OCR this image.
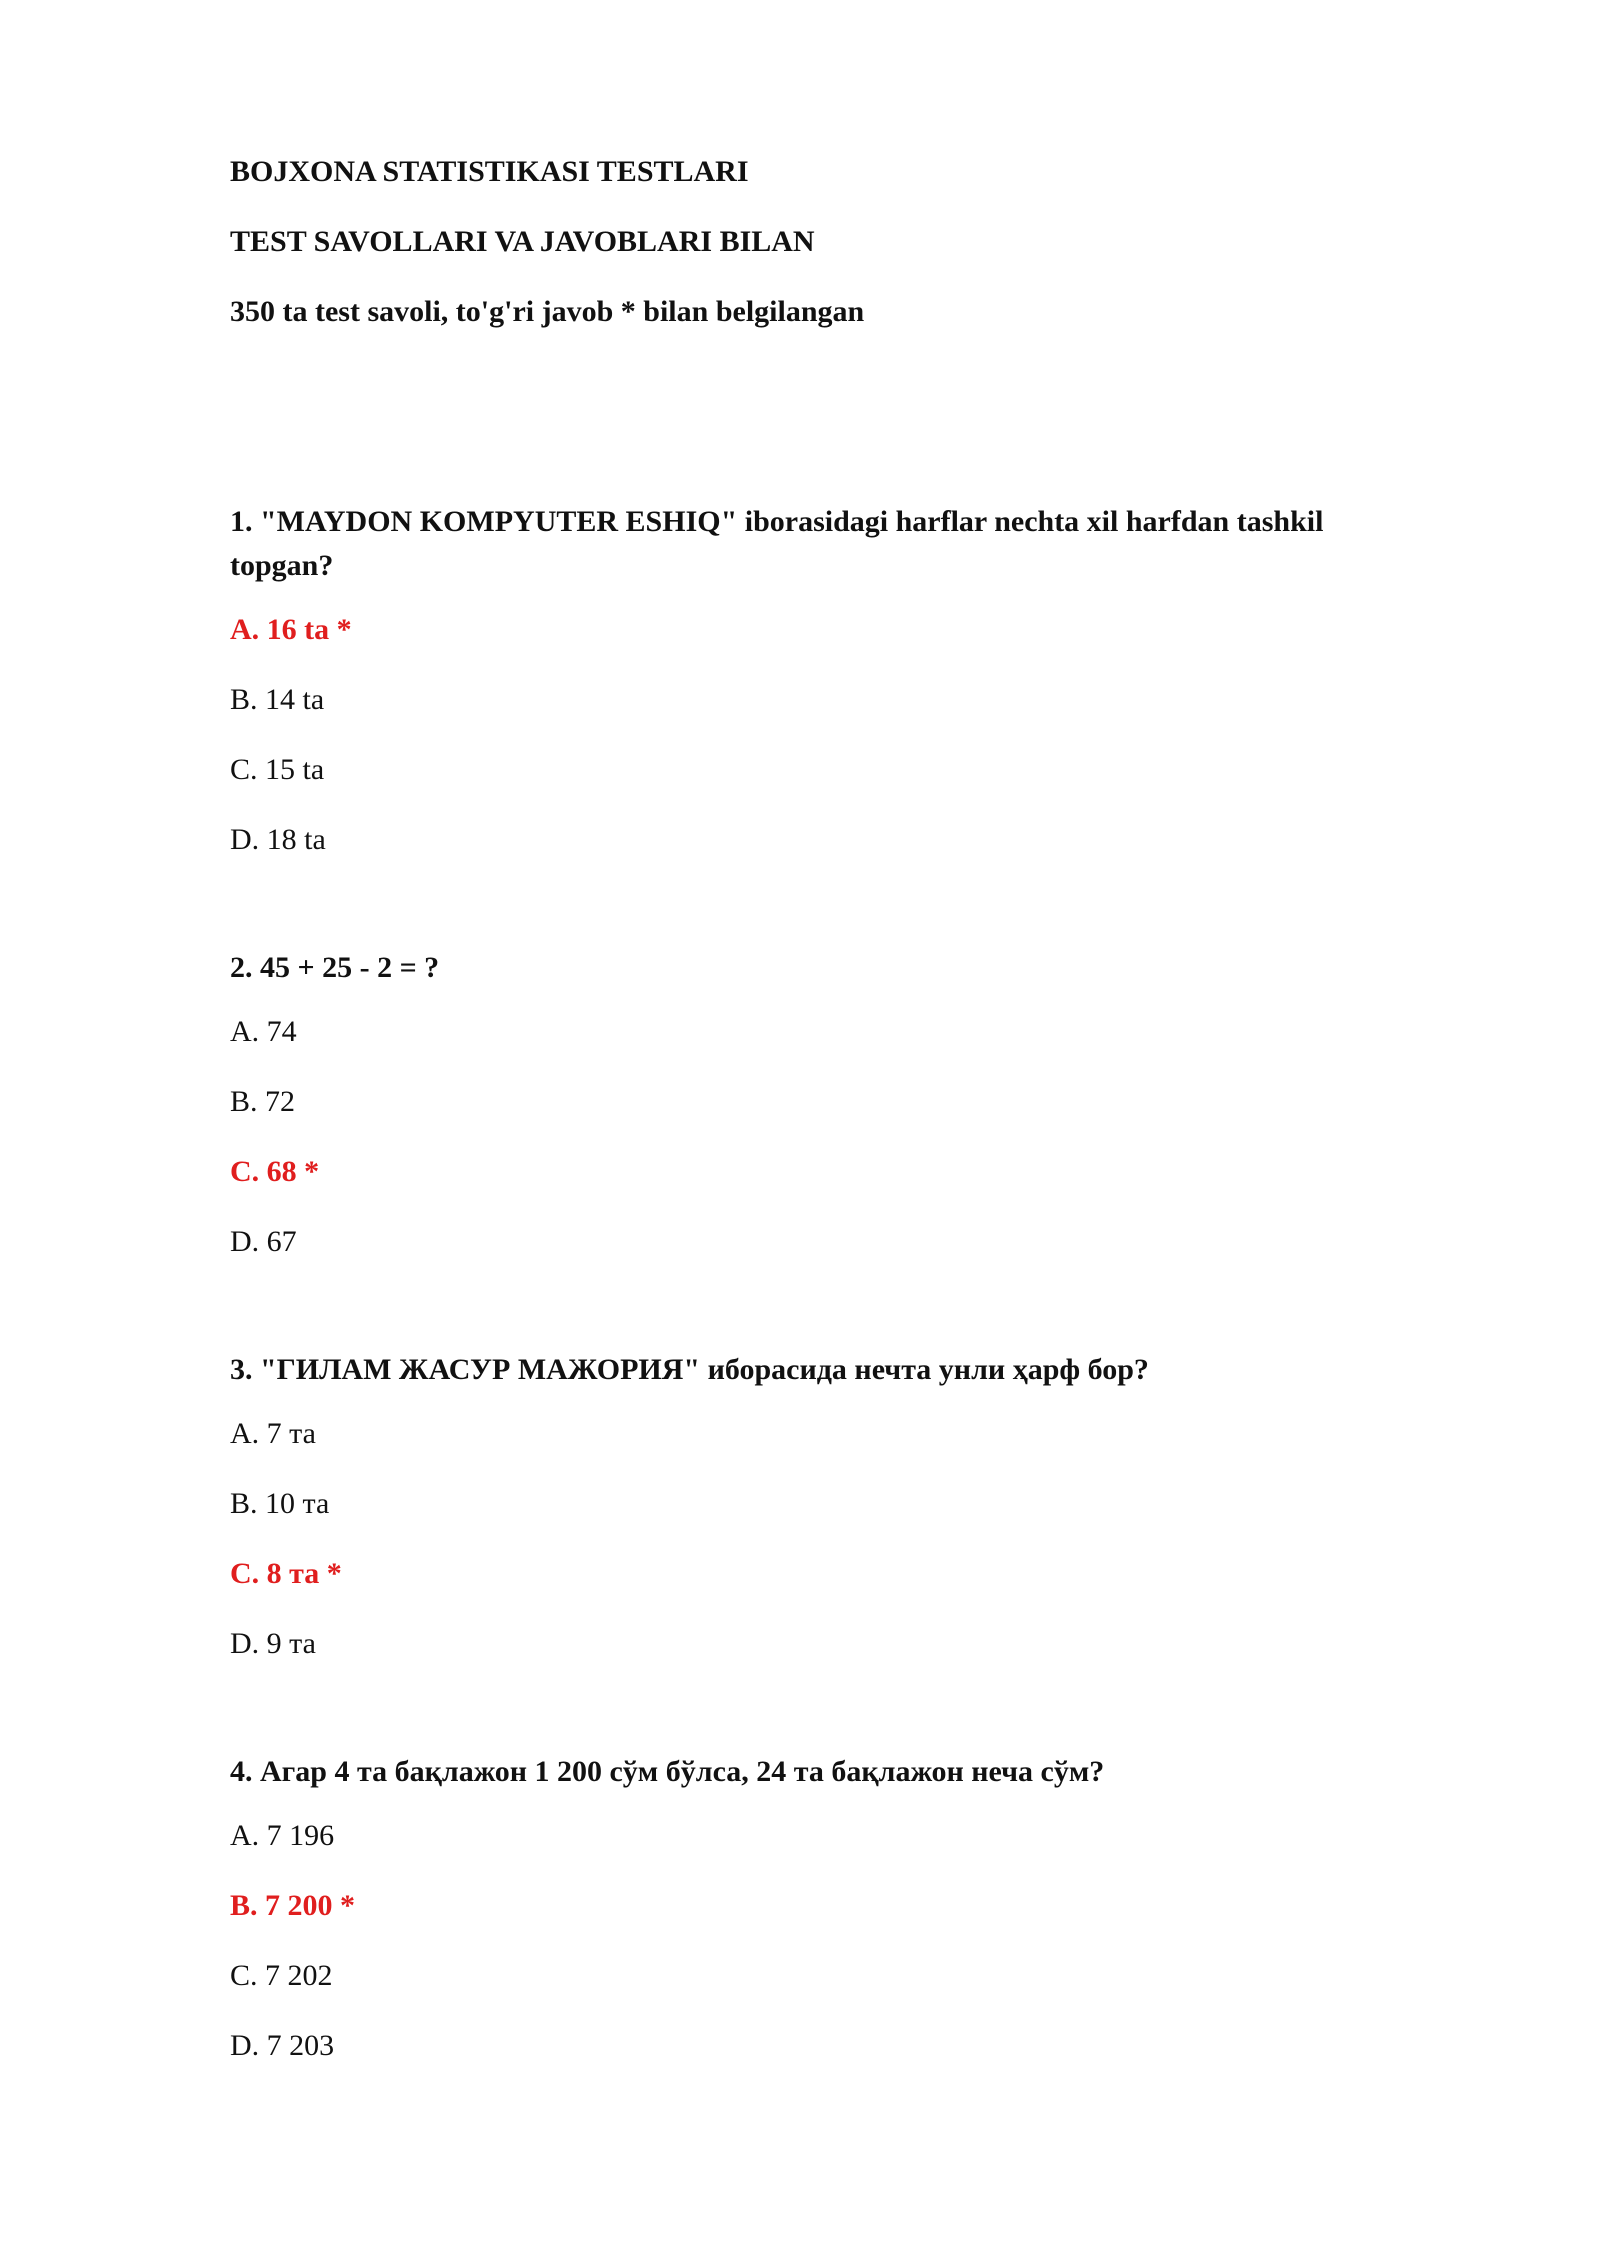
BOJXONA STATISTIKASI TESTLARI
TEST SAVOLLARI VA JAVOBLARI BILAN
350 ta test savoli, to'g'ri javob * bilan belgilangan
1. "MAYDON KOMPYUTER ESHIQ" iborasidagi harflar nechta xil harfdan tashkil topgan?
A. 16 ta *
B. 14 ta
C. 15 ta
D. 18 ta
2. 45 + 25 - 2 = ?
A. 74
B. 72
C. 68 *
D. 67
3. "ГИЛАМ ЖАСУР МАЖОРИЯ" иборасида нечта унли ҳарф бор?
A. 7 та
B. 10 та
C. 8 та *
D. 9 та
4. Агар 4 та бақлажон 1 200 сўм бўлса, 24 та бақлажон неча сўм?
A. 7 196
B. 7 200 *
C. 7 202
D. 7 203
